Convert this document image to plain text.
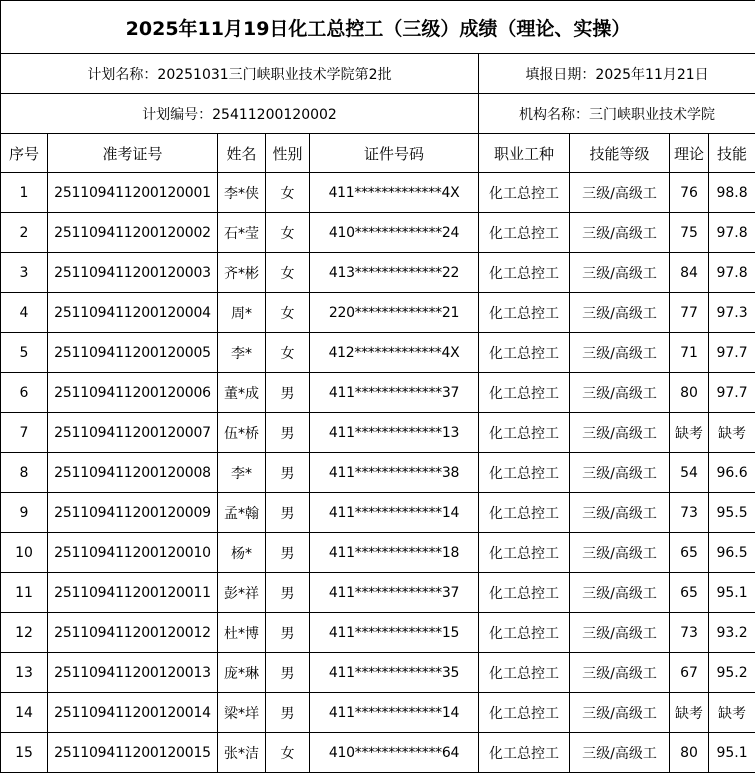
2025年11月19日化工总控工（三级）成绩（理论、实操）								
计划名称：20251031三门峡职业技术学院第2批					填报日期：2025年11月21日			
计划编号：25411200120002					机构名称：三门峡职业技术学院			
序号	准考证号	姓名	性别	证件号码	职业工种	技能等级	理论	技能
1	251109411200120001	李*侠	女	411*************4X	化工总控工	三级/高级工	76	98.8
2	251109411200120002	石*莹	女	410*************24	化工总控工	三级/高级工	75	97.8
3	251109411200120003	齐*彬	女	413*************22	化工总控工	三级/高级工	84	97.8
4	251109411200120004	周*	女	220*************21	化工总控工	三级/高级工	77	97.3
5	251109411200120005	李*	女	412*************4X	化工总控工	三级/高级工	71	97.7
6	251109411200120006	董*成	男	411*************37	化工总控工	三级/高级工	80	97.7
7	251109411200120007	伍*桥	男	411*************13	化工总控工	三级/高级工	缺考	缺考
8	251109411200120008	李*	男	411*************38	化工总控工	三级/高级工	54	96.6
9	251109411200120009	孟*翰	男	411*************14	化工总控工	三级/高级工	73	95.5
10	251109411200120010	杨*	男	411*************18	化工总控工	三级/高级工	65	96.5
11	251109411200120011	彭*祥	男	411*************37	化工总控工	三级/高级工	65	95.1
12	251109411200120012	杜*博	男	411*************15	化工总控工	三级/高级工	73	93.2
13	251109411200120013	庞*琳	男	411*************35	化工总控工	三级/高级工	67	95.2
14	251109411200120014	梁*垟	男	411*************14	化工总控工	三级/高级工	缺考	缺考
15	251109411200120015	张*洁	女	410*************64	化工总控工	三级/高级工	80	95.1
